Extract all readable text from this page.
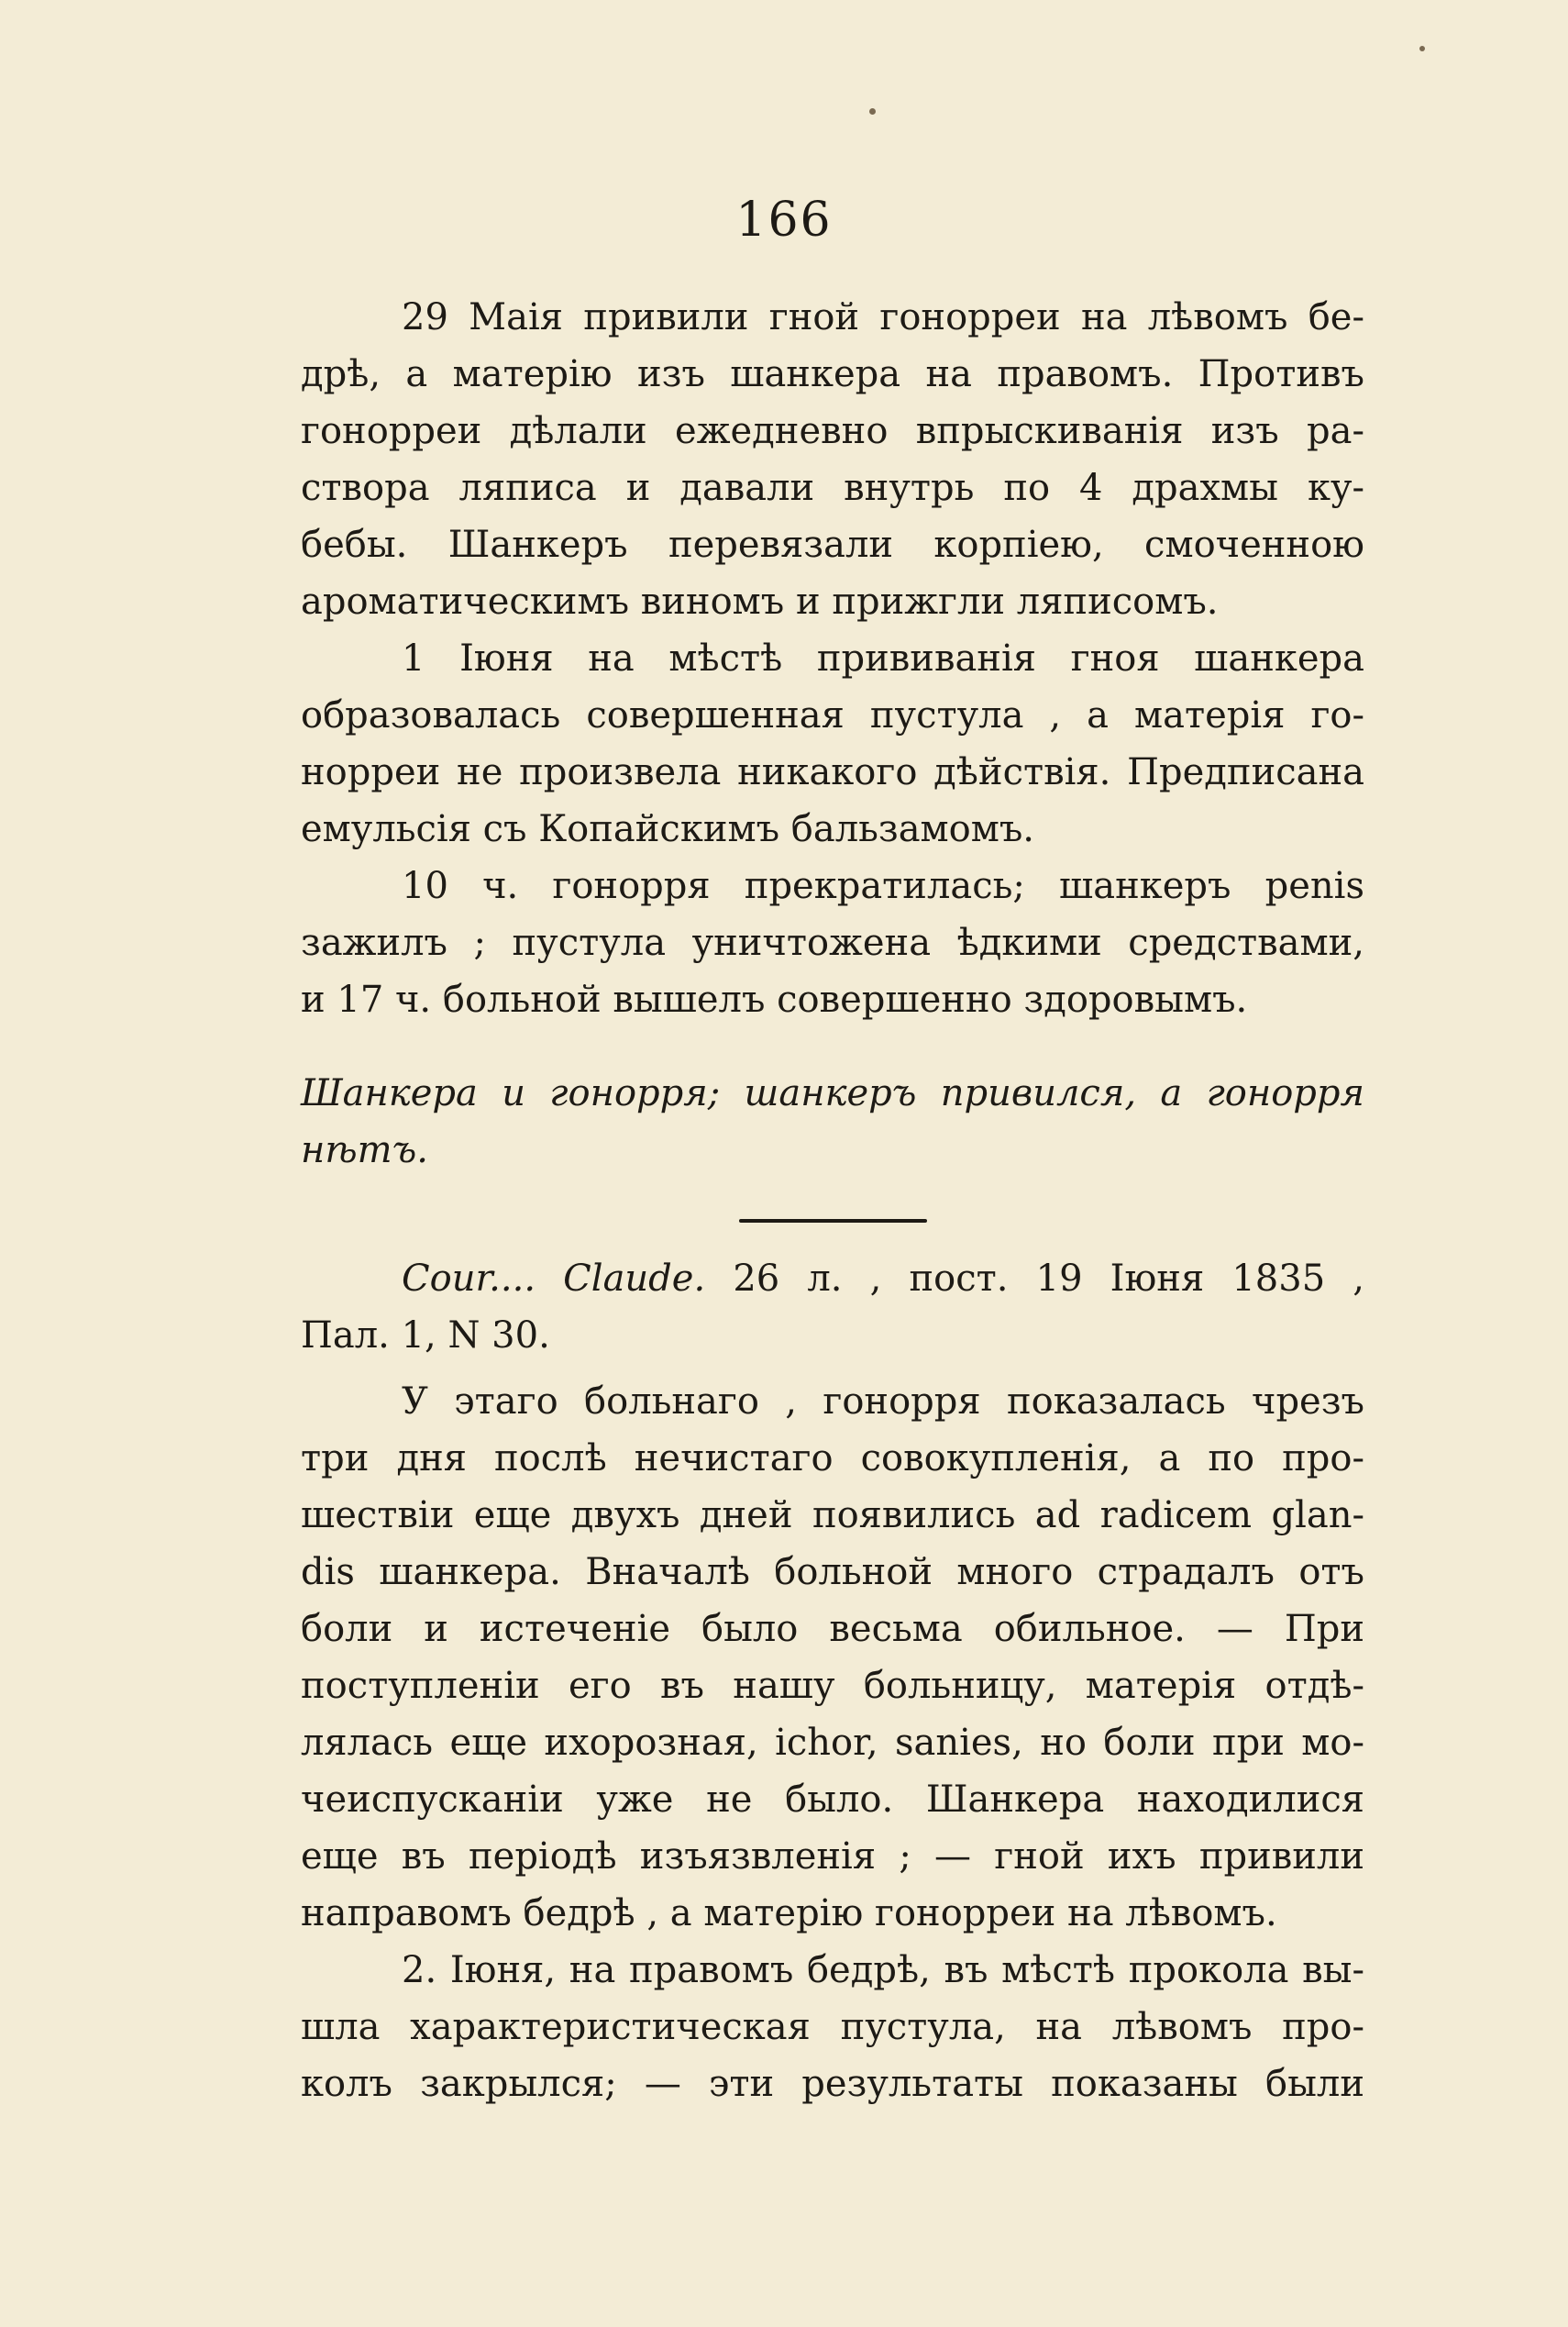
166

29 Маія привили гной гонорреи на лѣвомъ бе-
дрѣ, а матерію изъ шанкера на правомъ. Противъ
гонорреи дѣлали ежедневно впрыскиванія изъ ра-
створа ляписа и давали внутрь по 4 драхмы ку-
бебы. Шанкеръ перевязали корпіею, смоченною
ароматическимъ виномъ и прижгли ляписомъ.

1 Іюня на мѣстѣ прививанія гноя шанкера
образовалась совершенная пустула , а матерія го-
норреи не произвела никакого дѣйствія. Предписана
емульсія съ Копайскимъ бальзамомъ.

10 ч. гонорря прекратилась; шанкеръ penis
зажилъ ; пустула уничтожена ѣдкими средствами,
и 17 ч. больной вышелъ совершенно здоровымъ.

Шанкера и гонорря; шанкеръ привился, а гонорря нѣтъ.

Cour.... Claude. 26 л. , пост. 19 Іюня 1835 ,
Пал. 1, N 30.

У этаго больнаго , гонорря показалась чрезъ
три дня послѣ нечистаго совокупленія, а по про-
шествіи еще двухъ дней появились ad radicem glan-
dis шанкера. Вначалѣ больной много страдалъ отъ
боли и истеченіе было весьма обильное. — При
поступленіи его въ нашу больницу, матерія отдѣ-
лялась еще ихорозная, ichor, sanies, но боли при мо-
чеиспусканіи уже не было. Шанкера находилися
еще въ періодѣ изъязвленія ; — гной ихъ привили
направомъ бедрѣ , а матерію гонорреи на лѣвомъ.

2. Іюня, на правомъ бедрѣ, въ мѣстѣ прокола вы-
шла характеристическая пустула, на лѣвомъ про-
колъ закрылся; — эти результаты показаны были
